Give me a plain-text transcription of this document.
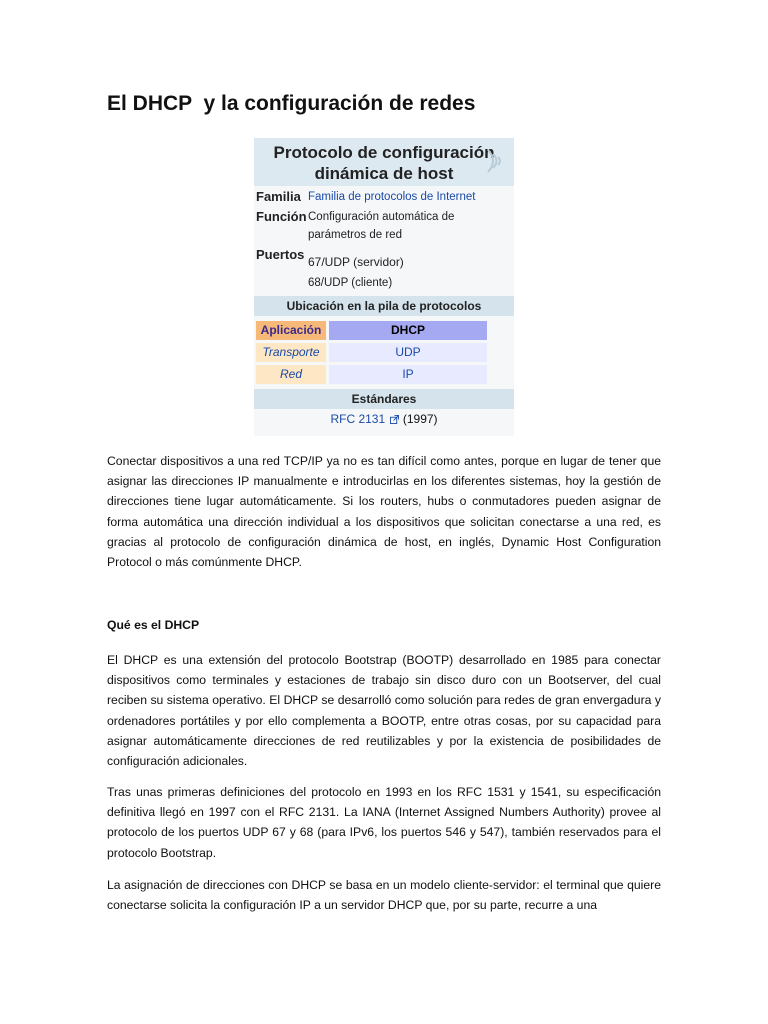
El DHCP  y la configuración de redes
Protocolo de configuración
dinámica de host
Familia Familia de protocolos de Internet
Función Configuración automática de
parámetros de red
Puertos 67/UDP (servidor)
68/UDP (cliente)
Ubicación en la pila de protocolos
Aplicación	DHCP
Transporte	UDP
Red	IP
Estándares
RFC 2131 (1997)

Conectar dispositivos a una red TCP/IP ya no es tan difícil como antes, porque en lugar de tener que asignar las direcciones IP manualmente e introducirlas en los diferentes sistemas, hoy la gestión de direcciones tiene lugar automáticamente. Si los routers, hubs o conmutadores pueden asignar de forma automática una dirección individual a los dispositivos que solicitan conectarse a una red, es gracias al protocolo de configuración dinámica de host, en inglés, Dynamic Host Configuration Protocol o más comúnmente DHCP.

Qué es el DHCP

El DHCP es una extensión del protocolo Bootstrap (BOOTP) desarrollado en 1985 para conectar dispositivos como terminales y estaciones de trabajo sin disco duro con un Bootserver, del cual reciben su sistema operativo. El DHCP se desarrolló como solución para redes de gran envergadura y ordenadores portátiles y por ello complementa a BOOTP, entre otras cosas, por su capacidad para asignar automáticamente direcciones de red reutilizables y por la existencia de posibilidades de configuración adicionales.

Tras unas primeras definiciones del protocolo en 1993 en los RFC 1531 y 1541, su especificación definitiva llegó en 1997 con el RFC 2131. La IANA (Internet Assigned Numbers Authority) provee al protocolo de los puertos UDP 67 y 68 (para IPv6, los puertos 546 y 547), también reservados para el protocolo Bootstrap.

La asignación de direcciones con DHCP se basa en un modelo cliente-servidor: el terminal que quiere conectarse solicita la configuración IP a un servidor DHCP que, por su parte, recurre a una
